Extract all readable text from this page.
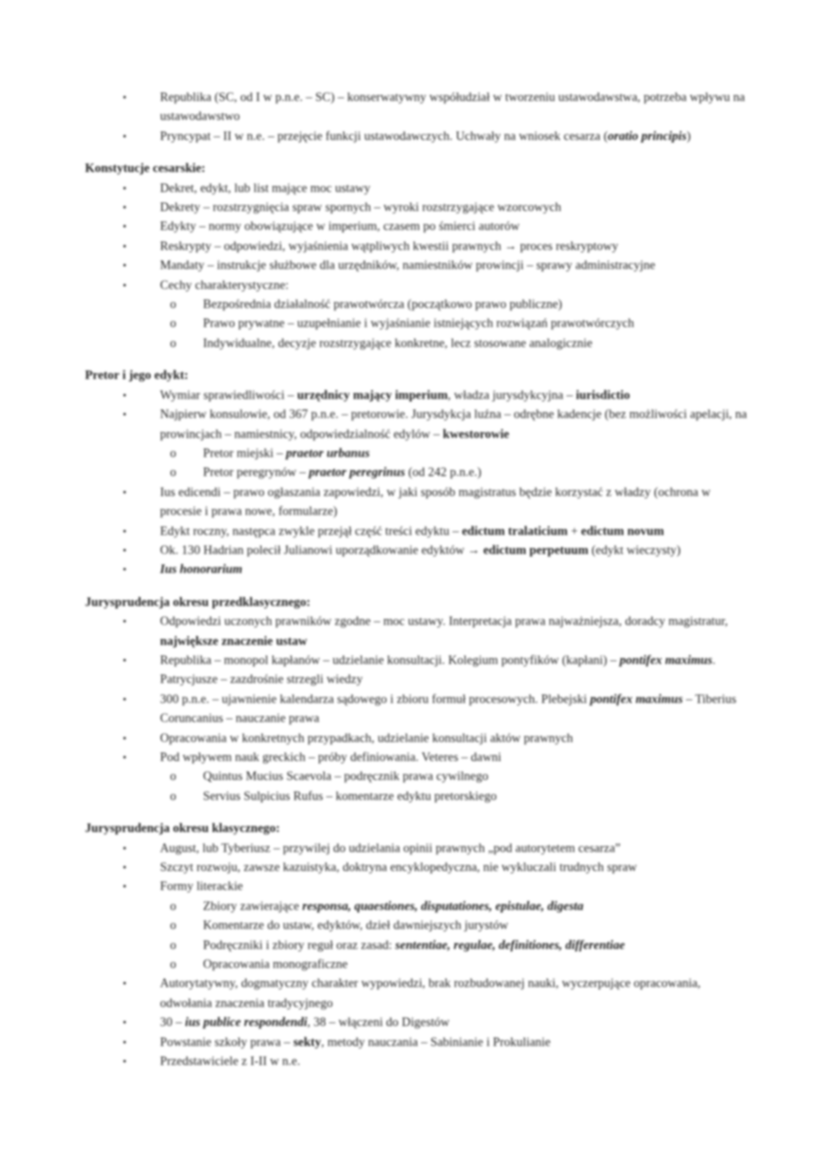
▪	Republika (SC, od I w p.n.e. – SC) – konserwatywny współudział w tworzeniu ustawodawstwa, potrzeba wpływu na ustawodawstwo
▪	Pryncypat – II w n.e. – przejęcie funkcji ustawodawczych. Uchwały na wniosek cesarza (oratio principis)
Konstytucje cesarskie:
▪	Dekret, edykt, lub list mające moc ustawy
▪	Dekrety – rozstrzygnięcia spraw spornych – wyroki rozstrzygające wzorcowych
▪	Edykty – normy obowiązujące w imperium, czasem po śmierci autorów
▪	Reskrypty – odpowiedzi, wyjaśnienia wątpliwych kwestii prawnych → proces reskryptowy
▪	Mandaty – instrukcje służbowe dla urzędników, namiestników prowincji – sprawy administracyjne
▪	Cechy charakterystyczne:
o Bezpośrednia działalność prawotwórcza (początkowo prawo publiczne)
o Prawo prywatne – uzupełnianie i wyjaśnianie istniejących rozwiązań prawotwórczych
o Indywidualne, decyzje rozstrzygające konkretne, lecz stosowane analogicznie
Pretor i jego edykt:
▪	Wymiar sprawiedliwości – urzędnicy mający imperium, władza jurysdykcyjna – iurisdictio
▪	Najpierw konsulowie, od 367 p.n.e. – pretorowie. Jurysdykcja luźna – odrębne kadencje (bez możliwości apelacji, na prowincjach – namiestnicy, odpowiedzialność edylów – kwestorowie
o Pretor miejski – praetor urbanus
o Pretor peregrynów – praetor peregrinus (od 242 p.n.e.)
▪	Ius edicendi – prawo ogłaszania zapowiedzi, w jaki sposób magistratus będzie korzystać z władzy (ochrona w procesie i prawa nowe, formularze)
▪	Edykt roczny, następca zwykle przejął część treści edyktu – edictum tralaticium + edictum novum
▪	Ok. 130 Hadrian polecił Julianowi uporządkowanie edyktów → edictum perpetuum (edykt wieczysty)
▪	Ius honorarium
Jurysprudencja okresu przedklasycznego:
▪	Odpowiedzi uczonych prawników zgodne – moc ustawy. Interpretacja prawa najważniejsza, doradcy magistratur, największe znaczenie ustaw
▪	Republika – monopol kapłanów – udzielanie konsultacji. Kolegium pontyfików (kapłani) – pontifex maximus. Patrycjusze – zazdrośnie strzegli wiedzy
▪	300 p.n.e. – ujawnienie kalendarza sądowego i zbioru formuł procesowych. Plebejski pontifex maximus – Tiberius Coruncanius – nauczanie prawa
▪	Opracowania w konkretnych przypadkach, udzielanie konsultacji aktów prawnych
▪	Pod wpływem nauk greckich – próby definiowania. Veteres – dawni
o Quintus Mucius Scaevola – podręcznik prawa cywilnego
o Servius Sulpicius Rufus – komentarze edyktu pretorskiego
Jurysprudencja okresu klasycznego:
▪	August, lub Tyberiusz – przywilej do udzielania opinii prawnych „pod autorytetem cesarza”
▪	Szczyt rozwoju, zawsze kazuistyka, doktryna encyklopedyczna, nie wykluczali trudnych spraw
▪	Formy literackie
o Zbiory zawierające responsa, quaestiones, disputationes, epistulae, digesta
o Komentarze do ustaw, edyktów, dzieł dawniejszych jurystów
o Podręczniki i zbiory reguł oraz zasad: sententiae, regulae, definitiones, differentiae
o Opracowania monograficzne
▪	Autorytatywny, dogmatyczny charakter wypowiedzi, brak rozbudowanej nauki, wyczerpujące opracowania, odwołania znaczenia tradycyjnego
▪	30 – ius publice respondendi, 38 – włączeni do Digestów
▪	Powstanie szkoły prawa – sekty, metody nauczania – Sabinianie i Prokulianie
▪	Przedstawiciele z I-II w n.e.
